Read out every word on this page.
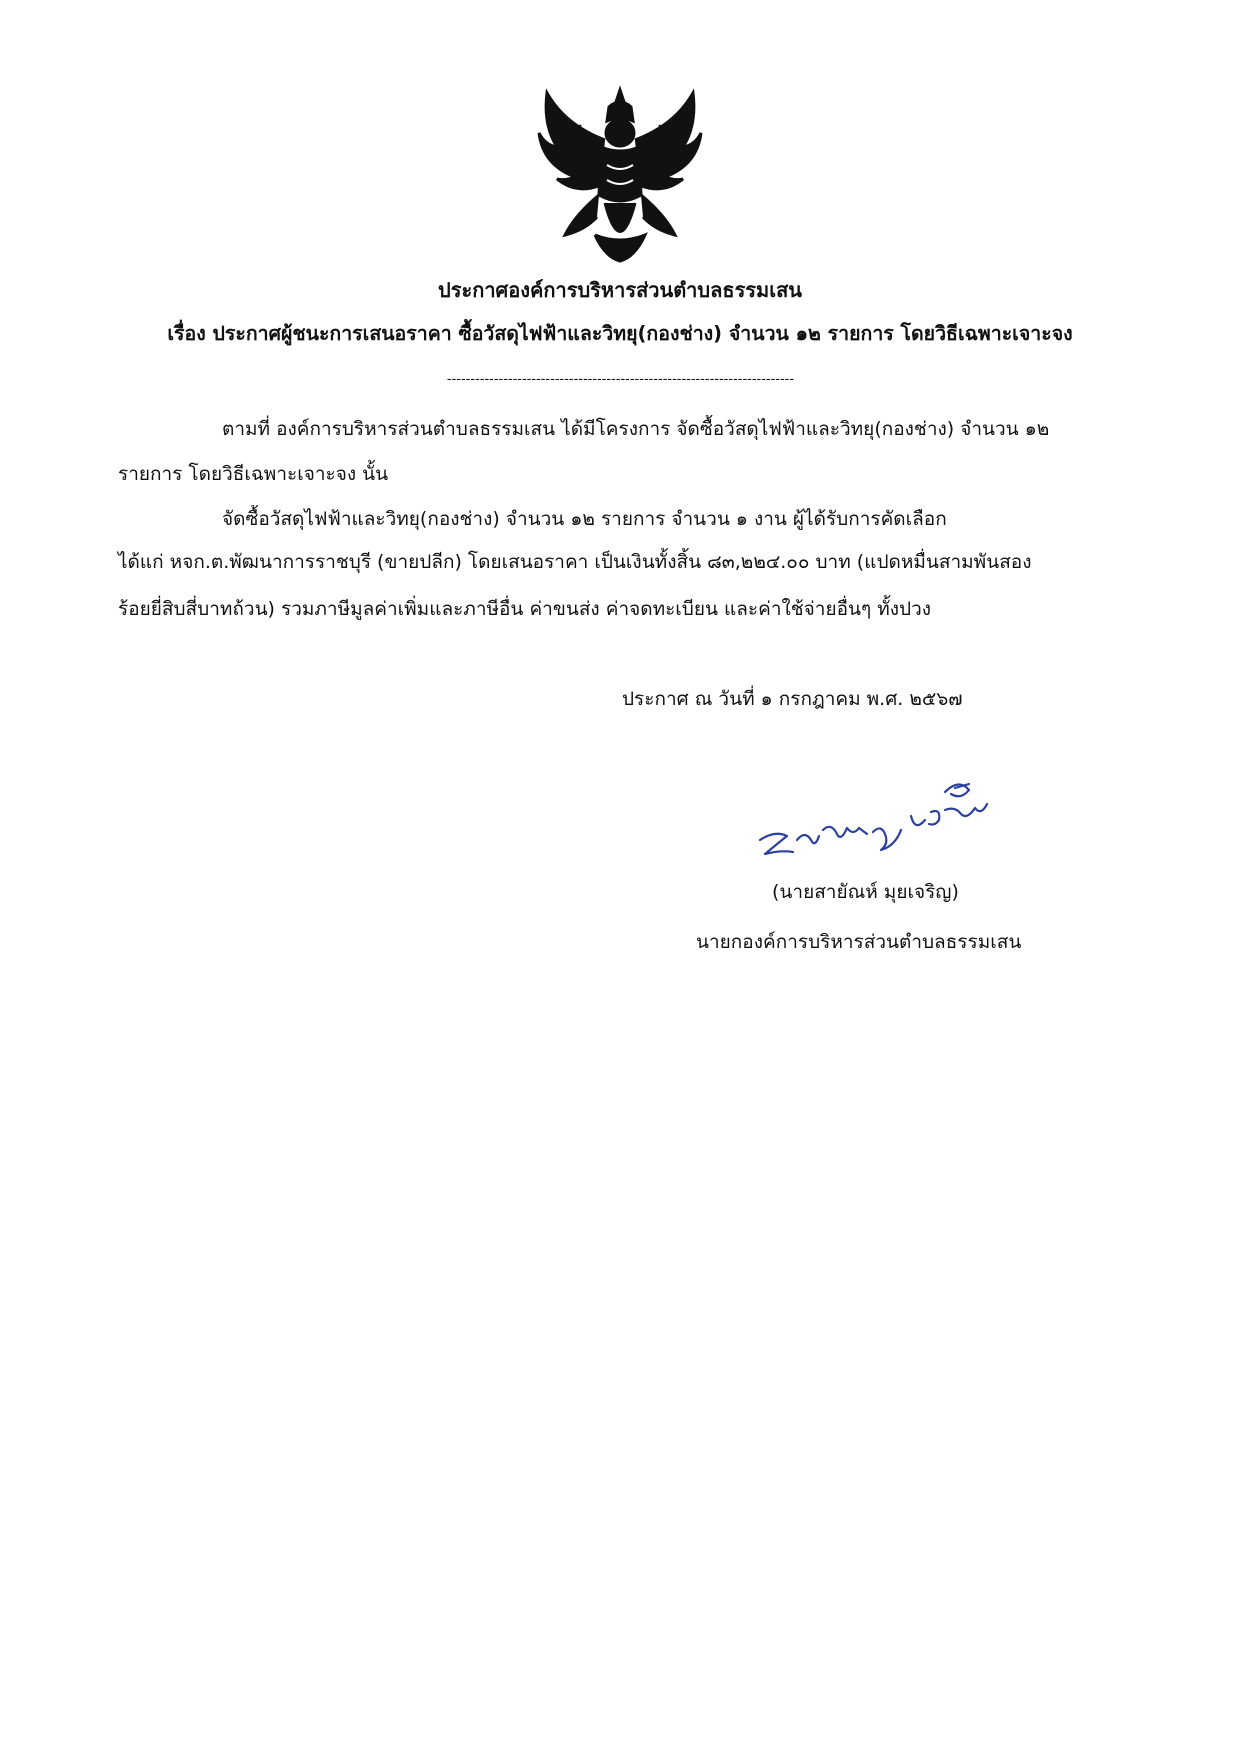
ประกาศองค์การบริหารส่วนตำบลธรรมเสน
เรื่อง ประกาศผู้ชนะการเสนอราคา ซื้อวัสดุไฟฟ้าและวิทยุ(กองช่าง) จำนวน ๑๒ รายการ โดยวิธีเฉพาะเจาะจง
--------------------------------------------------------------------------
ตามที่ องค์การบริหารส่วนตำบลธรรมเสน ได้มีโครงการ จัดซื้อวัสดุไฟฟ้าและวิทยุ(กองช่าง) จำนวน ๑๒
รายการ โดยวิธีเฉพาะเจาะจง นั้น
จัดซื้อวัสดุไฟฟ้าและวิทยุ(กองช่าง) จำนวน ๑๒ รายการ จำนวน ๑ งาน ผู้ได้รับการคัดเลือก
ได้แก่ หจก.ต.พัฒนาการราชบุรี (ขายปลีก) โดยเสนอราคา เป็นเงินทั้งสิ้น ๘๓,๒๒๔.๐๐ บาท (แปดหมื่นสามพันสอง
ร้อยยี่สิบสี่บาทถ้วน) รวมภาษีมูลค่าเพิ่มและภาษีอื่น ค่าขนส่ง ค่าจดทะเบียน และค่าใช้จ่ายอื่นๆ ทั้งปวง
ประกาศ ณ วันที่ ๑ กรกฎาคม พ.ศ. ๒๕๖๗
(นายสายัณห์ มุยเจริญ)
นายกองค์การบริหารส่วนตำบลธรรมเสน
